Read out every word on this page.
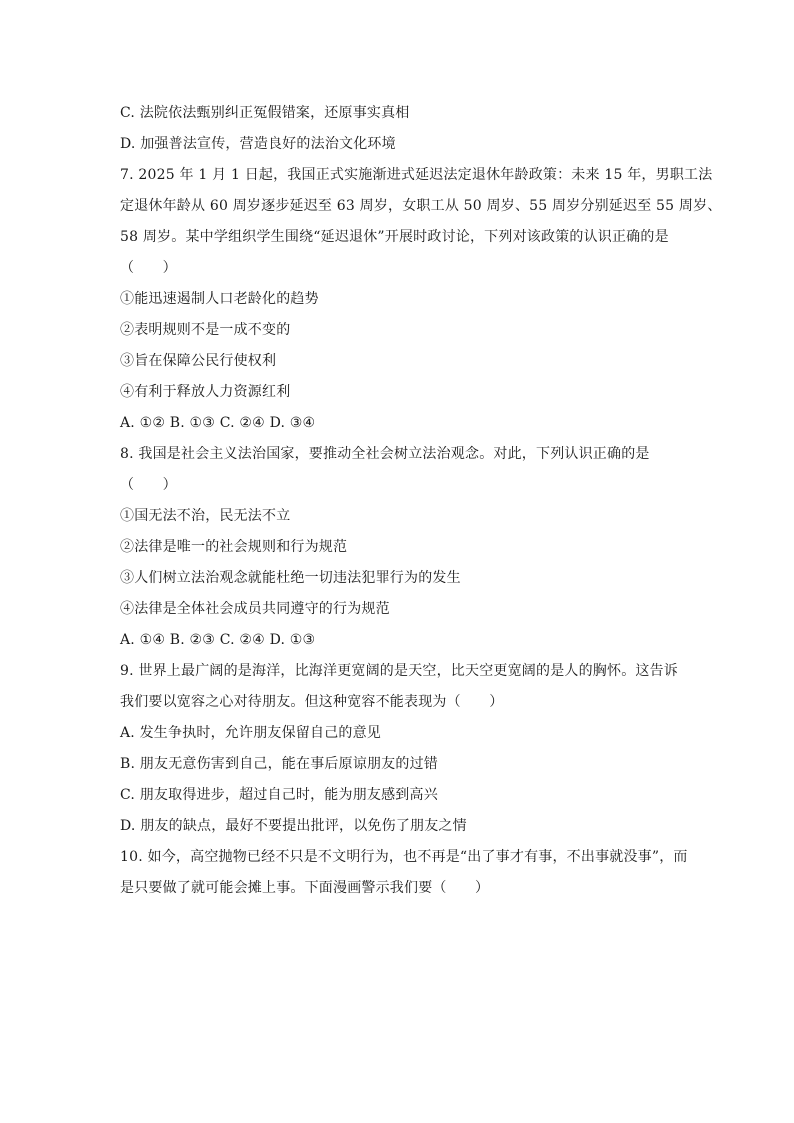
C. 法院依法甄别纠正冤假错案，还原事实真相
D. 加强普法宣传，营造良好的法治文化环境
7. 2025 年 1 月 1 日起，我国正式实施渐进式延迟法定退休年龄政策：未来 15 年，男职工法
定退休年龄从 60 周岁逐步延迟至 63 周岁，女职工从 50 周岁、55 周岁分别延迟至 55 周岁、
58 周岁。某中学组织学生围绕“延迟退休”开展时政讨论，下列对该政策的认识正确的是
（　　）
①能迅速遏制人口老龄化的趋势
②表明规则不是一成不变的
③旨在保障公民行使权利
④有利于释放人力资源红利
A. ①② B. ①③ C. ②④ D. ③④
8. 我国是社会主义法治国家，要推动全社会树立法治观念。对此，下列认识正确的是
（　　）
①国无法不治，民无法不立
②法律是唯一的社会规则和行为规范
③人们树立法治观念就能杜绝一切违法犯罪行为的发生
④法律是全体社会成员共同遵守的行为规范
A. ①④ B. ②③ C. ②④ D. ①③
9. 世界上最广阔的是海洋，比海洋更宽阔的是天空，比天空更宽阔的是人的胸怀。这告诉
我们要以宽容之心对待朋友。但这种宽容不能表现为（　　）
A. 发生争执时，允许朋友保留自己的意见
B. 朋友无意伤害到自己，能在事后原谅朋友的过错
C. 朋友取得进步，超过自己时，能为朋友感到高兴
D. 朋友的缺点，最好不要提出批评，以免伤了朋友之情
10. 如今，高空抛物已经不只是不文明行为，也不再是“出了事才有事，不出事就没事”，而
是只要做了就可能会摊上事。下面漫画警示我们要（　　）
